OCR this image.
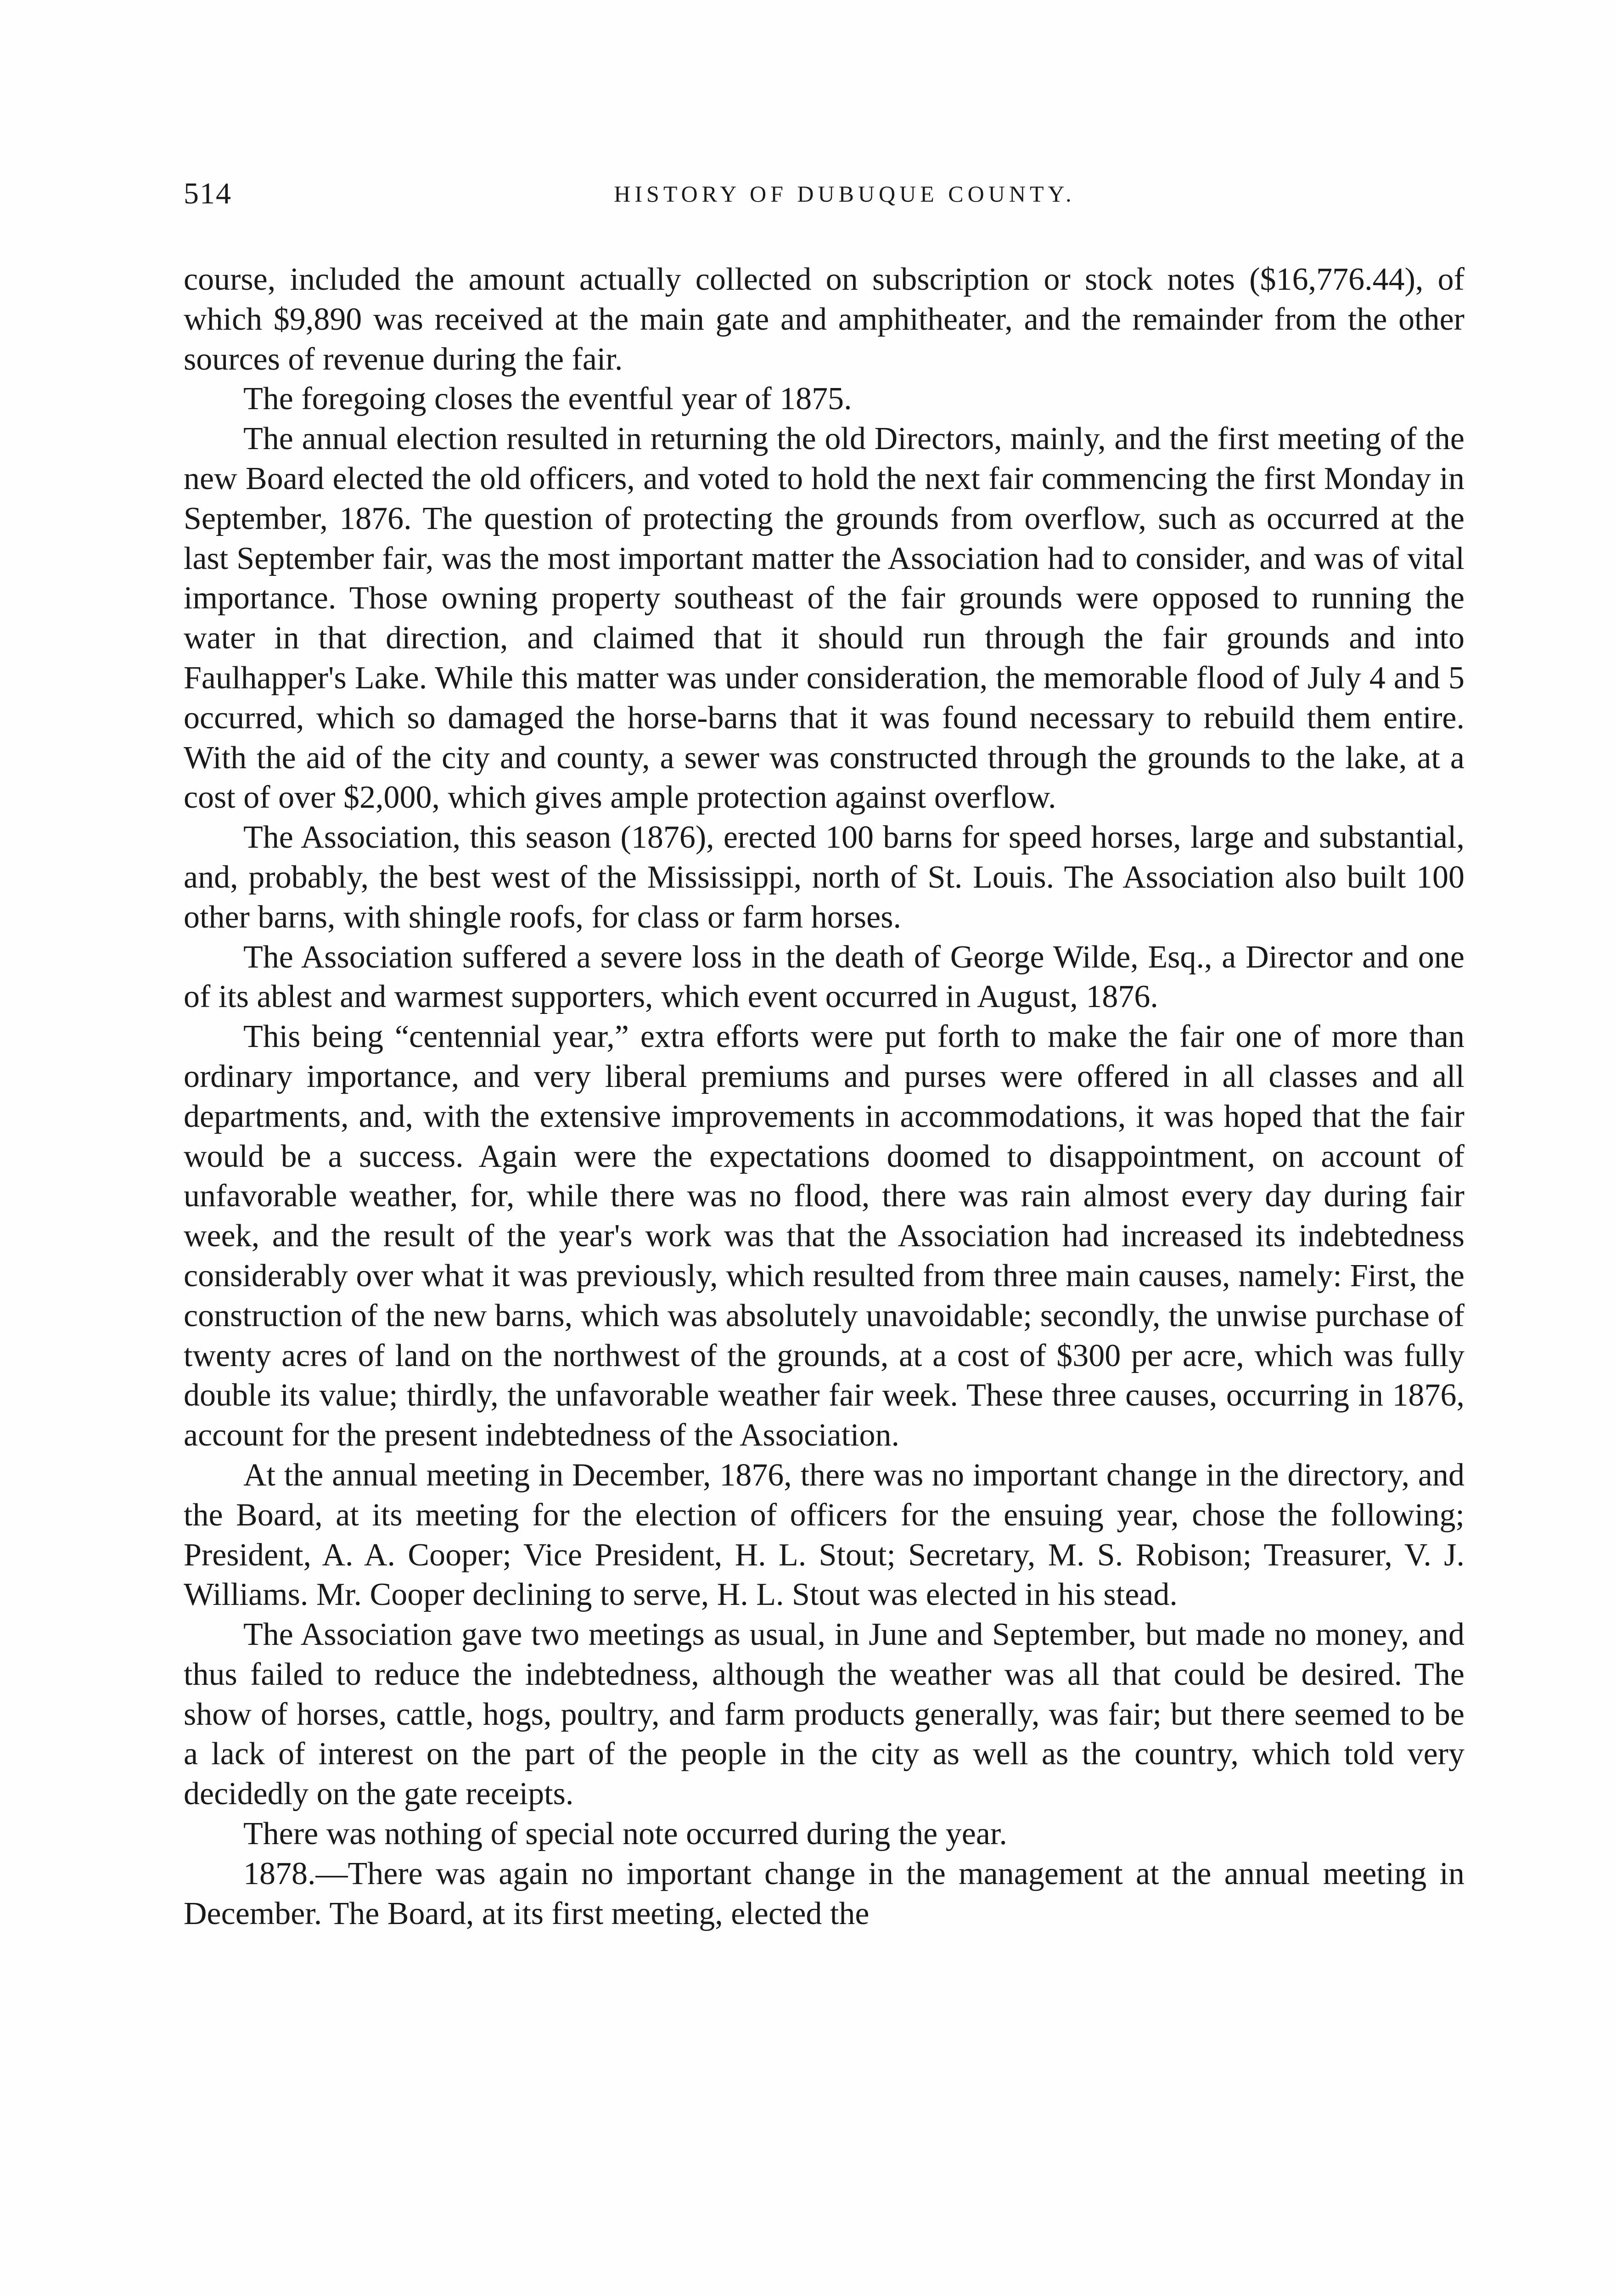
514	HISTORY OF DUBUQUE COUNTY.

course, included the amount actually collected on subscription or stock notes ($16,776.44), of which $9,890 was received at the main gate and amphitheater, and the remainder from the other sources of revenue during the fair.

The foregoing closes the eventful year of 1875.

The annual election resulted in returning the old Directors, mainly, and the first meeting of the new Board elected the old officers, and voted to hold the next fair commencing the first Monday in September, 1876. The question of protecting the grounds from overflow, such as occurred at the last September fair, was the most important matter the Association had to consider, and was of vital importance. Those owning property southeast of the fair grounds were opposed to running the water in that direction, and claimed that it should run through the fair grounds and into Faulhapper's Lake. While this matter was under consideration, the memorable flood of July 4 and 5 occurred, which so damaged the horse-barns that it was found necessary to rebuild them entire. With the aid of the city and county, a sewer was constructed through the grounds to the lake, at a cost of over $2,000, which gives ample protection against overflow.

The Association, this season (1876), erected 100 barns for speed horses, large and substantial, and, probably, the best west of the Mississippi, north of St. Louis. The Association also built 100 other barns, with shingle roofs, for class or farm horses.

The Association suffered a severe loss in the death of George Wilde, Esq., a Director and one of its ablest and warmest supporters, which event occurred in August, 1876.

This being “centennial year,” extra efforts were put forth to make the fair one of more than ordinary importance, and very liberal premiums and purses were offered in all classes and all departments, and, with the extensive improvements in accommodations, it was hoped that the fair would be a success. Again were the expectations doomed to disappointment, on account of unfavorable weather, for, while there was no flood, there was rain almost every day during fair week, and the result of the year's work was that the Association had increased its indebtedness considerably over what it was previously, which resulted from three main causes, namely: First, the construction of the new barns, which was absolutely unavoidable; secondly, the unwise purchase of twenty acres of land on the northwest of the grounds, at a cost of $300 per acre, which was fully double its value; thirdly, the unfavorable weather fair week. These three causes, occurring in 1876, account for the present indebtedness of the Association.

At the annual meeting in December, 1876, there was no important change in the directory, and the Board, at its meeting for the election of officers for the ensuing year, chose the following; President, A. A. Cooper; Vice President, H. L. Stout; Secretary, M. S. Robison; Treasurer, V. J. Williams. Mr. Cooper declining to serve, H. L. Stout was elected in his stead.

The Association gave two meetings as usual, in June and September, but made no money, and thus failed to reduce the indebtedness, although the weather was all that could be desired. The show of horses, cattle, hogs, poultry, and farm products generally, was fair; but there seemed to be a lack of interest on the part of the people in the city as well as the country, which told very decidedly on the gate receipts.

There was nothing of special note occurred during the year.

1878.—There was again no important change in the management at the annual meeting in December. The Board, at its first meeting, elected the
